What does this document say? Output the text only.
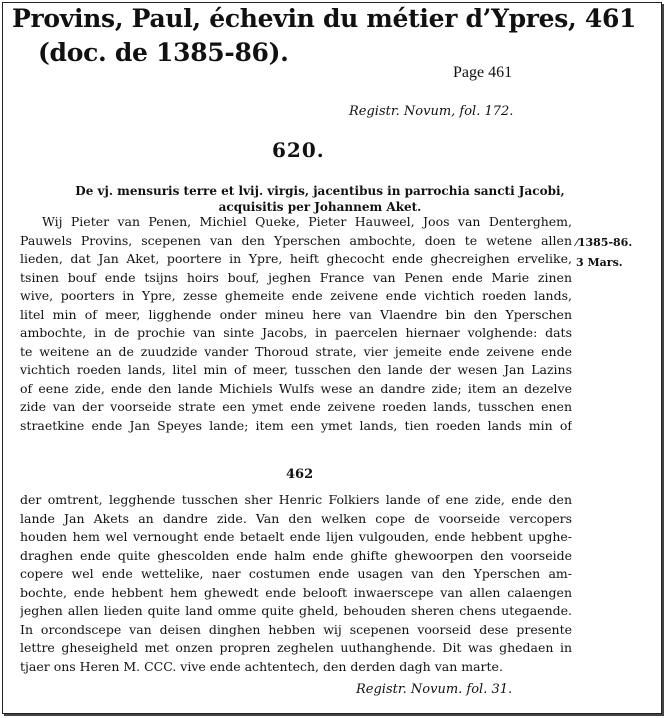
Provins, Paul, échevin du métier d’Ypres, 461
(doc. de 1385-86).
Page 461
Registr. Novum, fol. 172.
620.
De vj. mensuris terre et lvij. virgis, jacentibus in parrochia sancti Jacobi,
acquisitis per Johannem Aket.
⁄1385-86.
3 Mars.
Wij Pieter van Penen, Michiel Queke, Pieter Hauweel, Joos van Denterghem,
Pauwels Provins, scepenen van den Yperschen ambochte, doen te wetene allen
lieden, dat Jan Aket, poortere in Ypre, heift ghecocht ende ghecreighen ervelike,
tsinen bouf ende tsijns hoirs bouf, jeghen France van Penen ende Marie zinen
wive, poorters in Ypre, zesse ghemeite ende zeivene ende vichtich roeden lands,
litel min of meer, ligghende onder mineu here van Vlaendre bin den Yperschen
ambochte, in de prochie van sinte Jacobs, in paercelen hiernaer volghende: dats
te weitene an de zuudzide vander Thoroud strate, vier jemeite ende zeivene ende
vichtich roeden lands, litel min of meer, tusschen den lande der wesen Jan Lazins
of eene zide, ende den lande Michiels Wulfs wese an dandre zide; item an dezelve
zide van der voorseide strate een ymet ende zeivene roeden lands, tusschen enen
straetkine ende Jan Speyes lande; item een ymet lands, tien roeden lands min of
462
der omtrent, legghende tusschen sher Henric Folkiers lande of ene zide, ende den
lande Jan Akets an dandre zide. Van den welken cope de voorseide vercopers
houden hem wel vernought ende betaelt ende lijen vulgouden, ende hebbent upghe-
draghen ende quite ghescolden ende halm ende ghifte ghewoorpen den voorseide
copere wel ende wettelike, naer costumen ende usagen van den Yperschen am-
bochte, ende hebbent hem ghewedt ende belooft inwaerscepe van allen calaengen
jeghen allen lieden quite land omme quite gheld, behouden sheren chens utegaende.
In orcondscepe van deisen dinghen hebben wij scepenen voorseid dese presente
lettre gheseigheld met onzen propren zeghelen uuthanghende. Dit was ghedaen in
tjaer ons Heren M. CCC. vive ende achtentech, den derden dagh van marte.
Registr. Novum. fol. 31.
